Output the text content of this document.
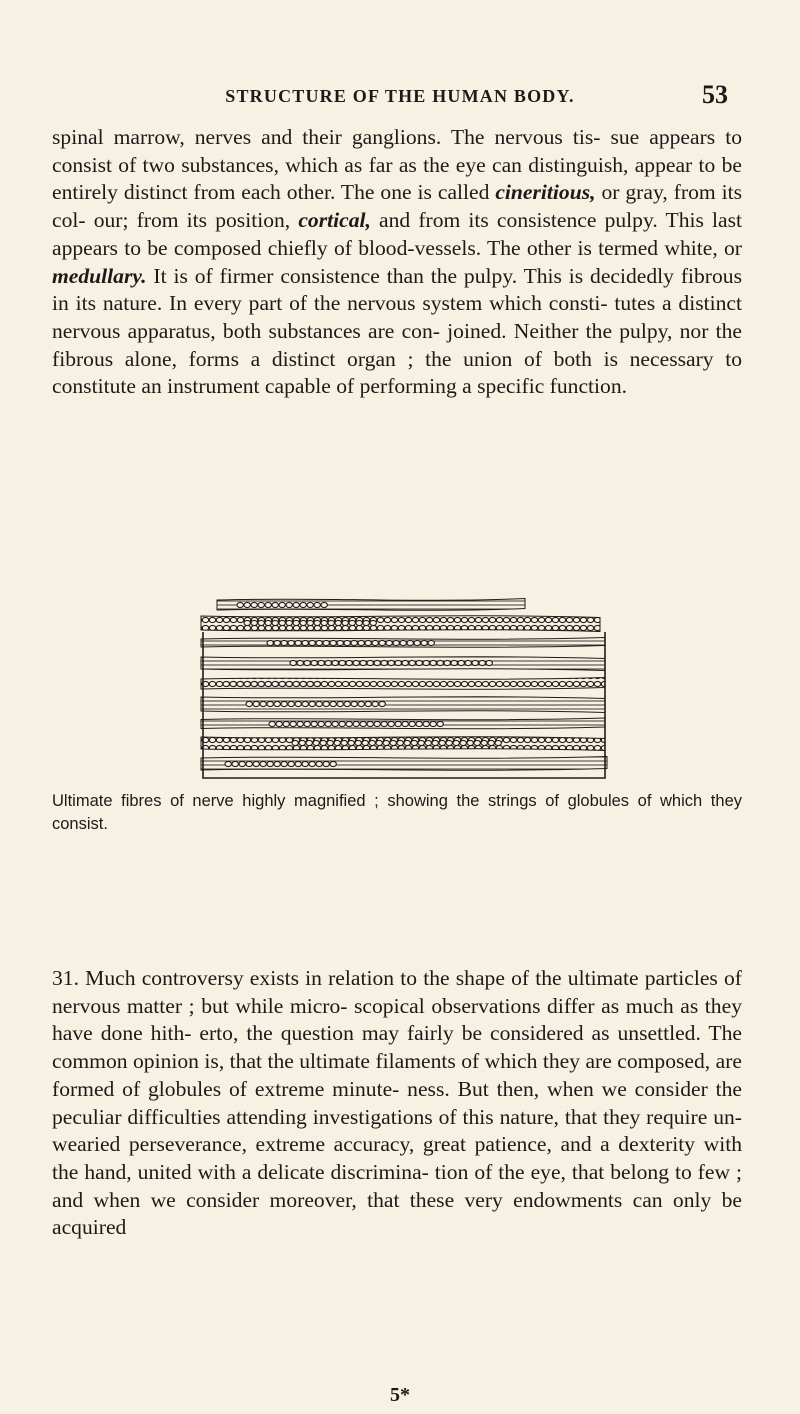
STRUCTURE OF THE HUMAN BODY.	53

spinal marrow, nerves and their ganglions. The nervous tis- sue appears to consist of two substances, which as far as the eye can distinguish, appear to be entirely distinct from each other. The one is called cineritious, or gray, from its col- our; from its position, cortical, and from its consistence pulpy. This last appears to be composed chiefly of blood-vessels. The other is termed white, or medullary. It is of firmer consistence than the pulpy. This is decidedly fibrous in its nature. In every part of the nervous system which consti- tutes a distinct nervous apparatus, both substances are con- joined. Neither the pulpy, nor the fibrous alone, forms a distinct organ ; the union of both is necessary to constitute an instrument capable of performing a specific function.

Ultimate fibres of nerve highly magnified ; showing the strings of globules of which they consist.

31. Much controversy exists in relation to the shape of the ultimate particles of nervous matter ; but while micro- scopical observations differ as much as they have done hith- erto, the question may fairly be considered as unsettled. The common opinion is, that the ultimate filaments of which they are composed, are formed of globules of extreme minute- ness. But then, when we consider the peculiar difficulties attending investigations of this nature, that they require un- wearied perseverance, extreme accuracy, great patience, and a dexterity with the hand, united with a delicate discrimina- tion of the eye, that belong to few ; and when we consider moreover, that these very endowments can only be acquired

5*
